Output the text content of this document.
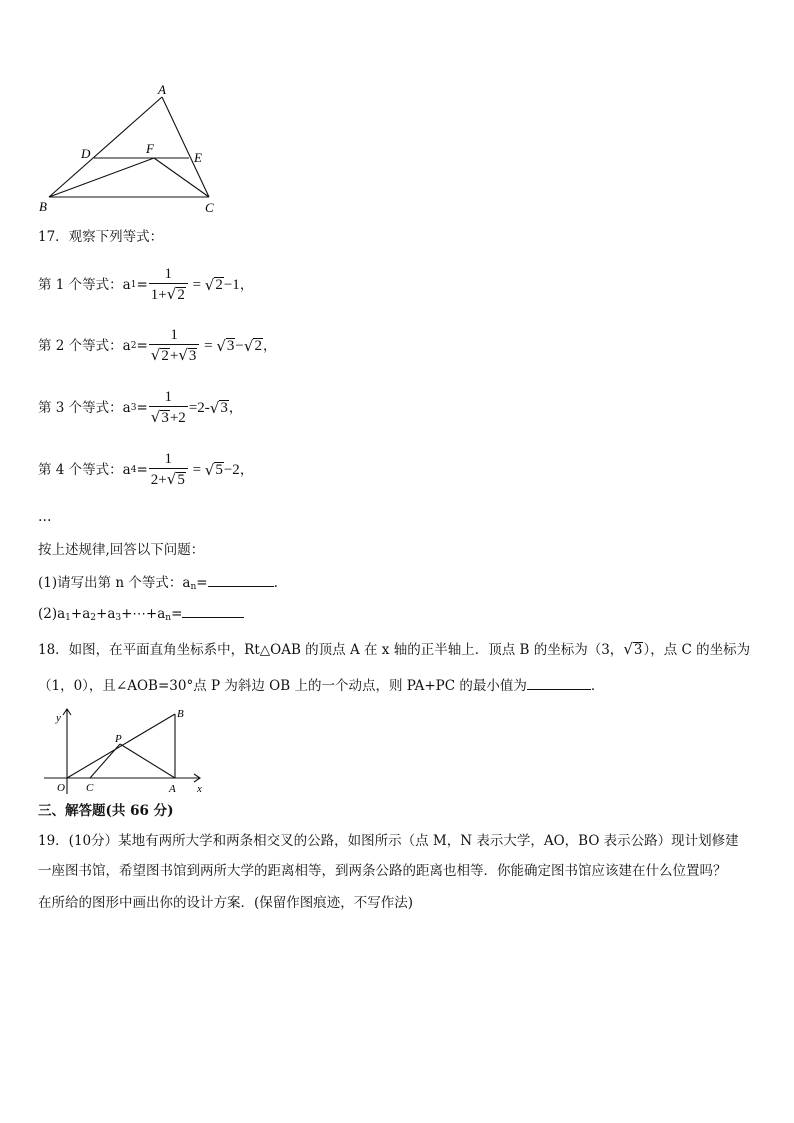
A
D	F
E
B	C
17．观察下列等式：
第 1 个等式：a $1 = \frac{1}{1+√2}$ = √ 2 −1 ，
第 2 个等式：a $2 = \frac{1}{√2+√3}$ = √ 3 − √ 2 ，
第 3 个等式：a $3 = \frac{1}{√3+2} =2-$ √ 3 ，
第 4 个等式：a $4 = \frac{1}{2+√5}$ = √ 5 −2 ，
…
按上述规律,回答以下问题：
(1)请写出第 n 个等式：$a_n=$	.
$(2)a_1+a_2+a_3+\cdots+a_n=$
18．如图，在平面直角坐标系中，Rt△OAB 的顶点 A 在 x 轴的正半轴上．顶点 B 的坐标为（3，√3），点 C 的坐标为
（1，0），且∠AOB=30°点 P 为斜边 OB 上的一个动点，则 PA+PC 的最小值为	．
y
x
O C	A
B
P
三、解答题(共 66 分)
19．(10分）某地有两所大学和两条相交叉的公路，如图所示（点 M，N 表示大学，AO，BO 表示公路）现计划修建
一座图书馆，希望图书馆到两所大学的距离相等，到两条公路的距离也相等．你能确定图书馆应该建在什么位置吗？
在所给的图形中画出你的设计方案．(保留作图痕迹，不写作法)
